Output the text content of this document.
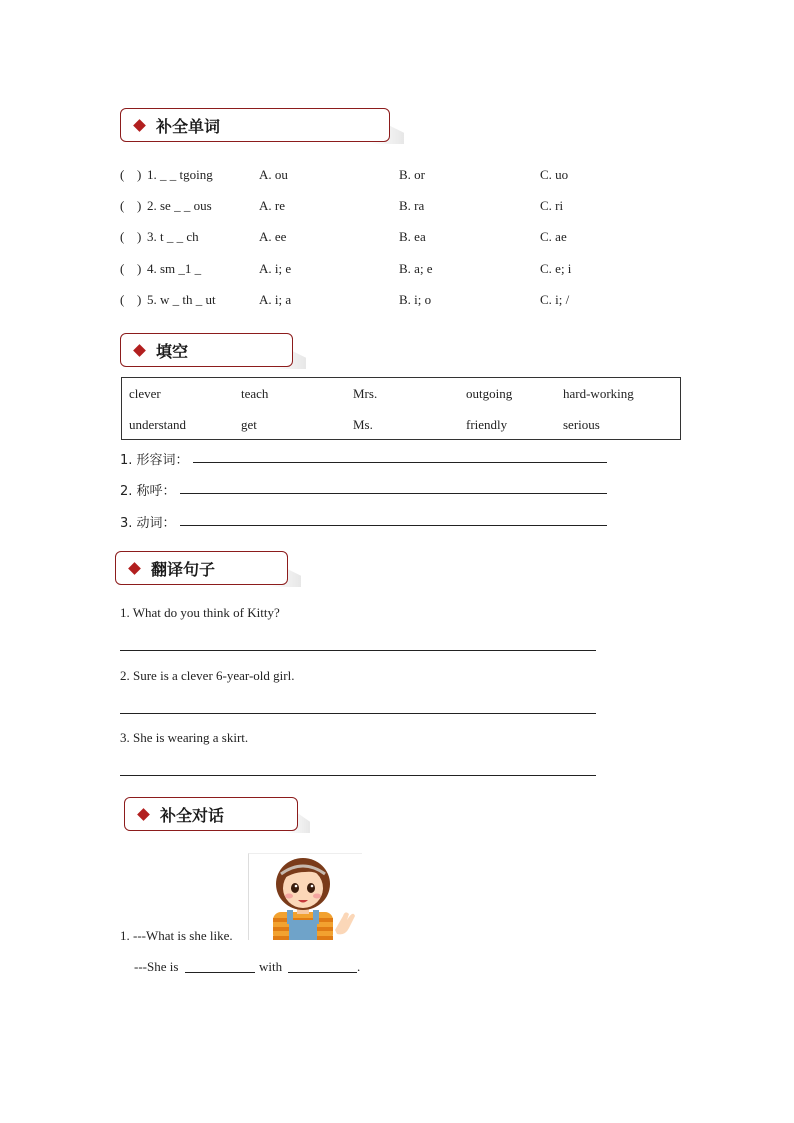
补全单词
( ) 1. _ _ tgoing	A. ou	B. or	C. uo
( ) 2. se _ _ ous	A. re	B. ra	C. ri
( ) 3. t _ _ ch	A. ee	B. ea	C. ae
( ) 4. sm _1 _	A. i; e	B. a; e	C. e; i
( ) 5. w _ th _ ut	A. i; a	B. i; o	C. i; /
填空
clever	teach	Mrs.	outgoing	hard-working
understand	get	Ms.	friendly	serious
1. 形容词：
2. 称呼：
3. 动词：
翻译句子
1. What do you think of Kitty?
2. Sure is a clever 6-year-old girl.
3. She is wearing a skirt.
补全对话
1. ---What is she like.
---She is	with	.
